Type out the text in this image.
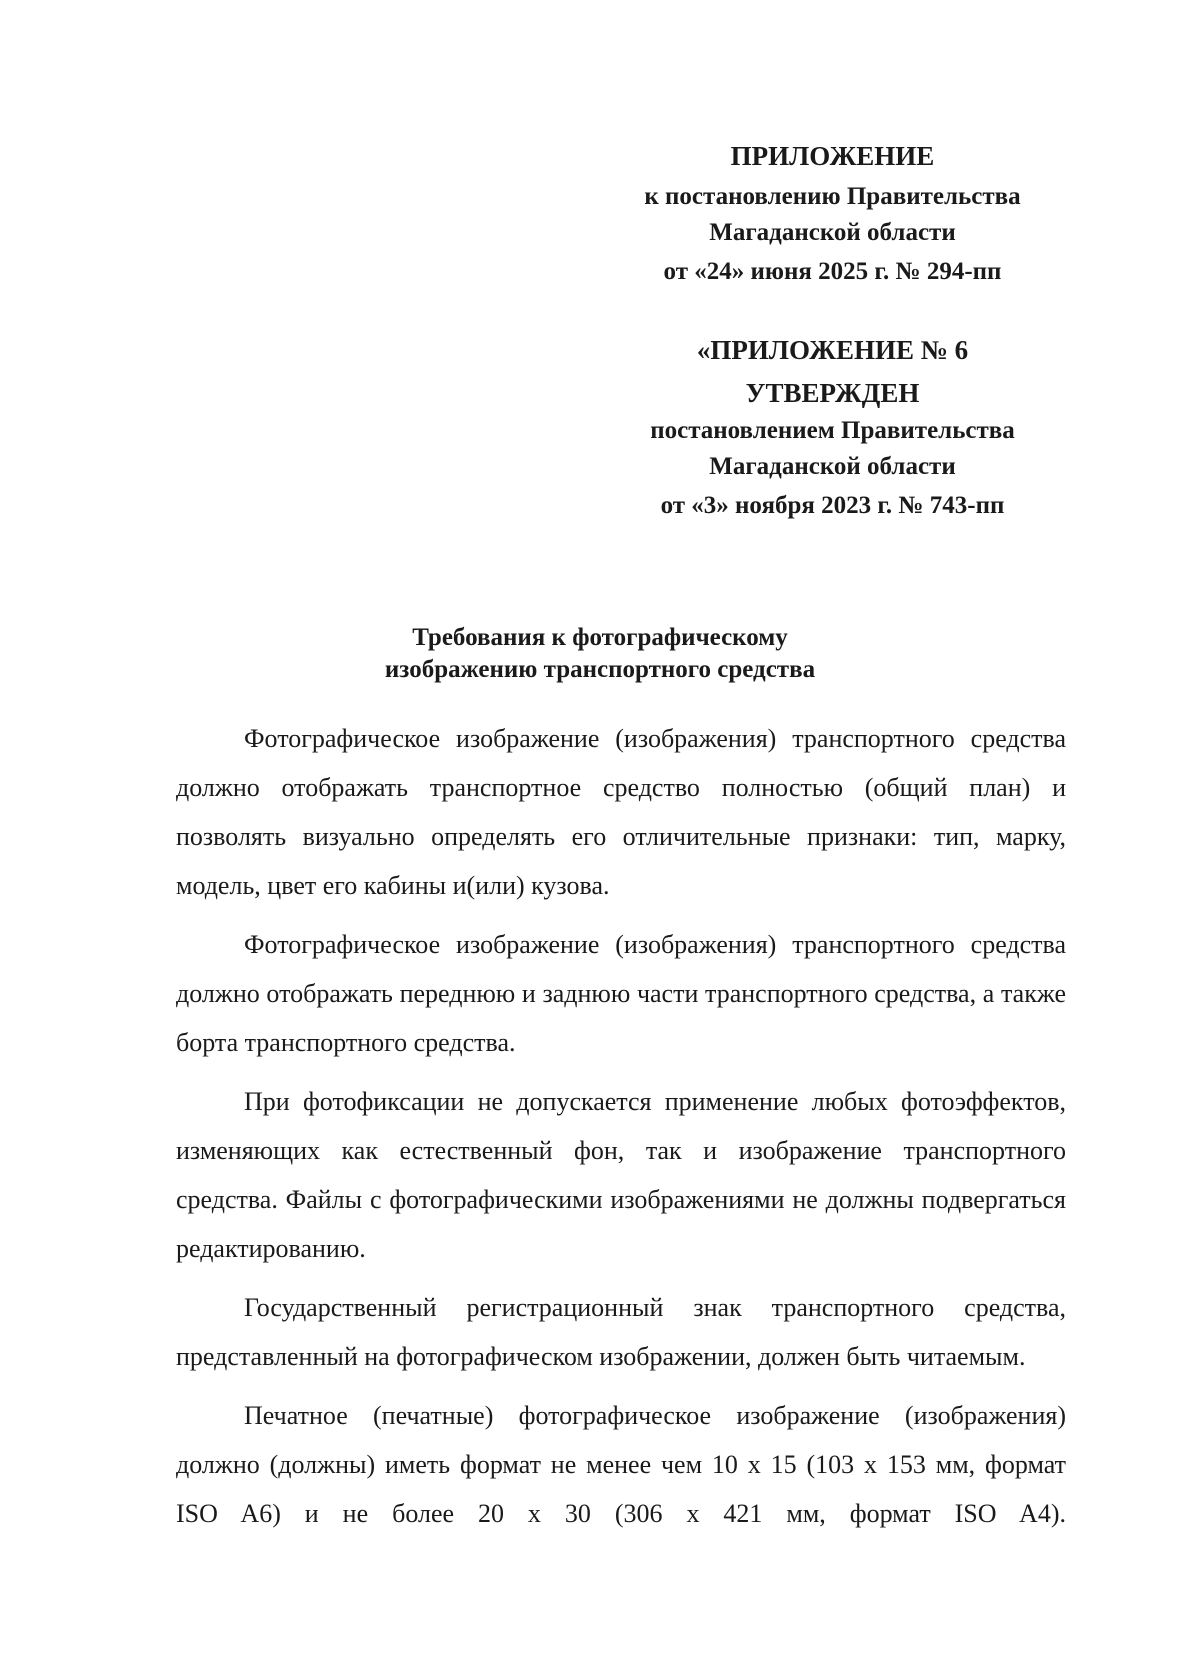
ПРИЛОЖЕНИЕ
к постановлению Правительства
Магаданской области
от «24» июня 2025 г. № 294-пп
«ПРИЛОЖЕНИЕ № 6
УТВЕРЖДЕН
постановлением Правительства
Магаданской области
от «3» ноября 2023 г. № 743-пп
Требования к фотографическому
изображению транспортного средства

Фотографическое изображение (изображения) транспортного средства должно отображать транспортное средство полностью (общий план) и позволять визуально определять его отличительные признаки: тип, марку, модель, цвет его кабины и(или) кузова.

Фотографическое изображение (изображения) транспортного средства должно отображать переднюю и заднюю части транспортного средства, а также борта транспортного средства.

При фотофиксации не допускается применение любых фотоэффектов, изменяющих как естественный фон, так и изображение транспортного средства. Файлы с фотографическими изображениями не должны подвергаться редактированию.

Государственный регистрационный знак транспортного средства, представленный на фотографическом изображении, должен быть читаемым.

Печатное (печатные) фотографическое изображение (изображения) должно (должны) иметь формат не менее чем 10 x 15 (103 x 153 мм, формат ISO A6) и не более 20 x 30 (306 x 421 мм, формат ISO A4).
